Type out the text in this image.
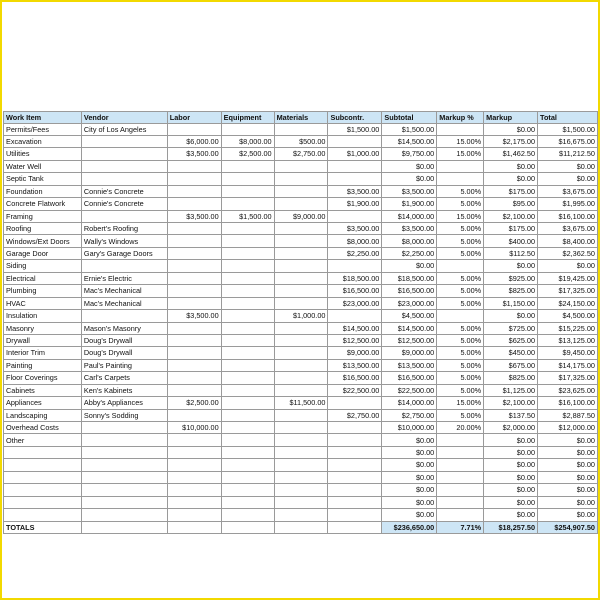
Work Item	Vendor	Labor	Equipment	Materials	Subcontr.	Subtotal	Markup %	Markup	Total
Permits/Fees	City of Los Angeles				$1,500.00	$1,500.00		$0.00	$1,500.00
Excavation		$6,000.00	$8,000.00	$500.00		$14,500.00	15.00%	$2,175.00	$16,675.00
Utilities		$3,500.00	$2,500.00	$2,750.00	$1,000.00	$9,750.00	15.00%	$1,462.50	$11,212.50
Water Well						$0.00		$0.00	$0.00
Septic Tank						$0.00		$0.00	$0.00
Foundation	Connie's Concrete				$3,500.00	$3,500.00	5.00%	$175.00	$3,675.00
Concrete Flatwork	Connie's Concrete				$1,900.00	$1,900.00	5.00%	$95.00	$1,995.00
Framing		$3,500.00	$1,500.00	$9,000.00		$14,000.00	15.00%	$2,100.00	$16,100.00
Roofing	Robert's Roofing				$3,500.00	$3,500.00	5.00%	$175.00	$3,675.00
Windows/Ext Doors	Wally's Windows				$8,000.00	$8,000.00	5.00%	$400.00	$8,400.00
Garage Door	Gary's Garage Doors				$2,250.00	$2,250.00	5.00%	$112.50	$2,362.50
Siding						$0.00		$0.00	$0.00
Electrical	Ernie's Electric				$18,500.00	$18,500.00	5.00%	$925.00	$19,425.00
Plumbing	Mac's Mechanical				$16,500.00	$16,500.00	5.00%	$825.00	$17,325.00
HVAC	Mac's Mechanical				$23,000.00	$23,000.00	5.00%	$1,150.00	$24,150.00
Insulation		$3,500.00		$1,000.00		$4,500.00		$0.00	$4,500.00
Masonry	Mason's Masonry				$14,500.00	$14,500.00	5.00%	$725.00	$15,225.00
Drywall	Doug's Drywall				$12,500.00	$12,500.00	5.00%	$625.00	$13,125.00
Interior Trim	Doug's Drywall				$9,000.00	$9,000.00	5.00%	$450.00	$9,450.00
Painting	Paul's Painting				$13,500.00	$13,500.00	5.00%	$675.00	$14,175.00
Floor Coverings	Carl's Carpets				$16,500.00	$16,500.00	5.00%	$825.00	$17,325.00
Cabinets	Ken's Kabinets				$22,500.00	$22,500.00	5.00%	$1,125.00	$23,625.00
Appliances	Abby's Appliances	$2,500.00		$11,500.00		$14,000.00	15.00%	$2,100.00	$16,100.00
Landscaping	Sonny's Sodding				$2,750.00	$2,750.00	5.00%	$137.50	$2,887.50
Overhead Costs		$10,000.00				$10,000.00	20.00%	$2,000.00	$12,000.00
Other						$0.00		$0.00	$0.00
						$0.00		$0.00	$0.00
						$0.00		$0.00	$0.00
						$0.00		$0.00	$0.00
						$0.00		$0.00	$0.00
						$0.00		$0.00	$0.00
						$0.00		$0.00	$0.00
TOTALS						$236,650.00	7.71%	$18,257.50	$254,907.50
